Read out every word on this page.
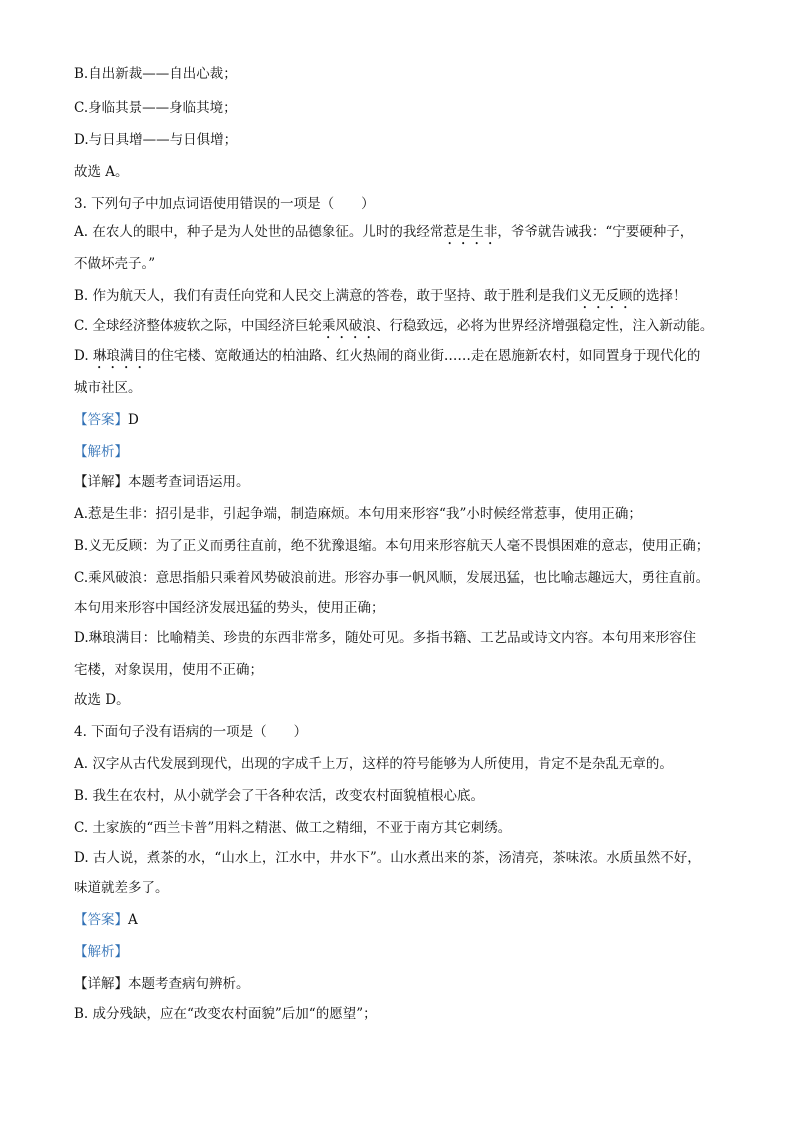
B.自出新裁——自出心裁；
C.身临其景——身临其境；
D.与日具增——与日俱增；
故选 A。
3. 下列句子中加点词语使用错误的一项是（　　）
A. 在农人的眼中，种子是为人处世的品德象征。儿时的我经常惹是生非，爷爷就告诫我：“宁要硬种子，
不做坏壳子。”
B. 作为航天人，我们有责任向党和人民交上满意的答卷，敢于坚持、敢于胜利是我们义无反顾的选择！
C. 全球经济整体疲软之际，中国经济巨轮乘风破浪、行稳致远，必将为世界经济增强稳定性，注入新动能。
D. 琳琅满目的住宅楼、宽敞通达的柏油路、红火热闹的商业街……走在恩施新农村，如同置身于现代化的
城市社区。
【答案】D
【解析】
【详解】本题考查词语运用。
A.惹是生非：招引是非，引起争端，制造麻烦。本句用来形容“我”小时候经常惹事，使用正确；
B.义无反顾：为了正义而勇往直前，绝不犹豫退缩。本句用来形容航天人毫不畏惧困难的意志，使用正确；
C.乘风破浪：意思指船只乘着风势破浪前进。形容办事一帆风顺，发展迅猛，也比喻志趣远大，勇往直前。
本句用来形容中国经济发展迅猛的势头，使用正确；
D.琳琅满目：比喻精美、珍贵的东西非常多，随处可见。多指书籍、工艺品或诗文内容。本句用来形容住
宅楼，对象误用，使用不正确；
故选 D。
4. 下面句子没有语病的一项是（　　）
A. 汉字从古代发展到现代，出现的字成千上万，这样的符号能够为人所使用，肯定不是杂乱无章的。
B. 我生在农村，从小就学会了干各种农活，改变农村面貌植根心底。
C. 土家族的“西兰卡普”用料之精湛、做工之精细，不亚于南方其它刺绣。
D. 古人说，煮茶的水，“山水上，江水中，井水下”。山水煮出来的茶，汤清亮，茶味浓。水质虽然不好，
味道就差多了。
【答案】A
【解析】
【详解】本题考查病句辨析。
B. 成分残缺，应在“改变农村面貌”后加“的愿望”；
